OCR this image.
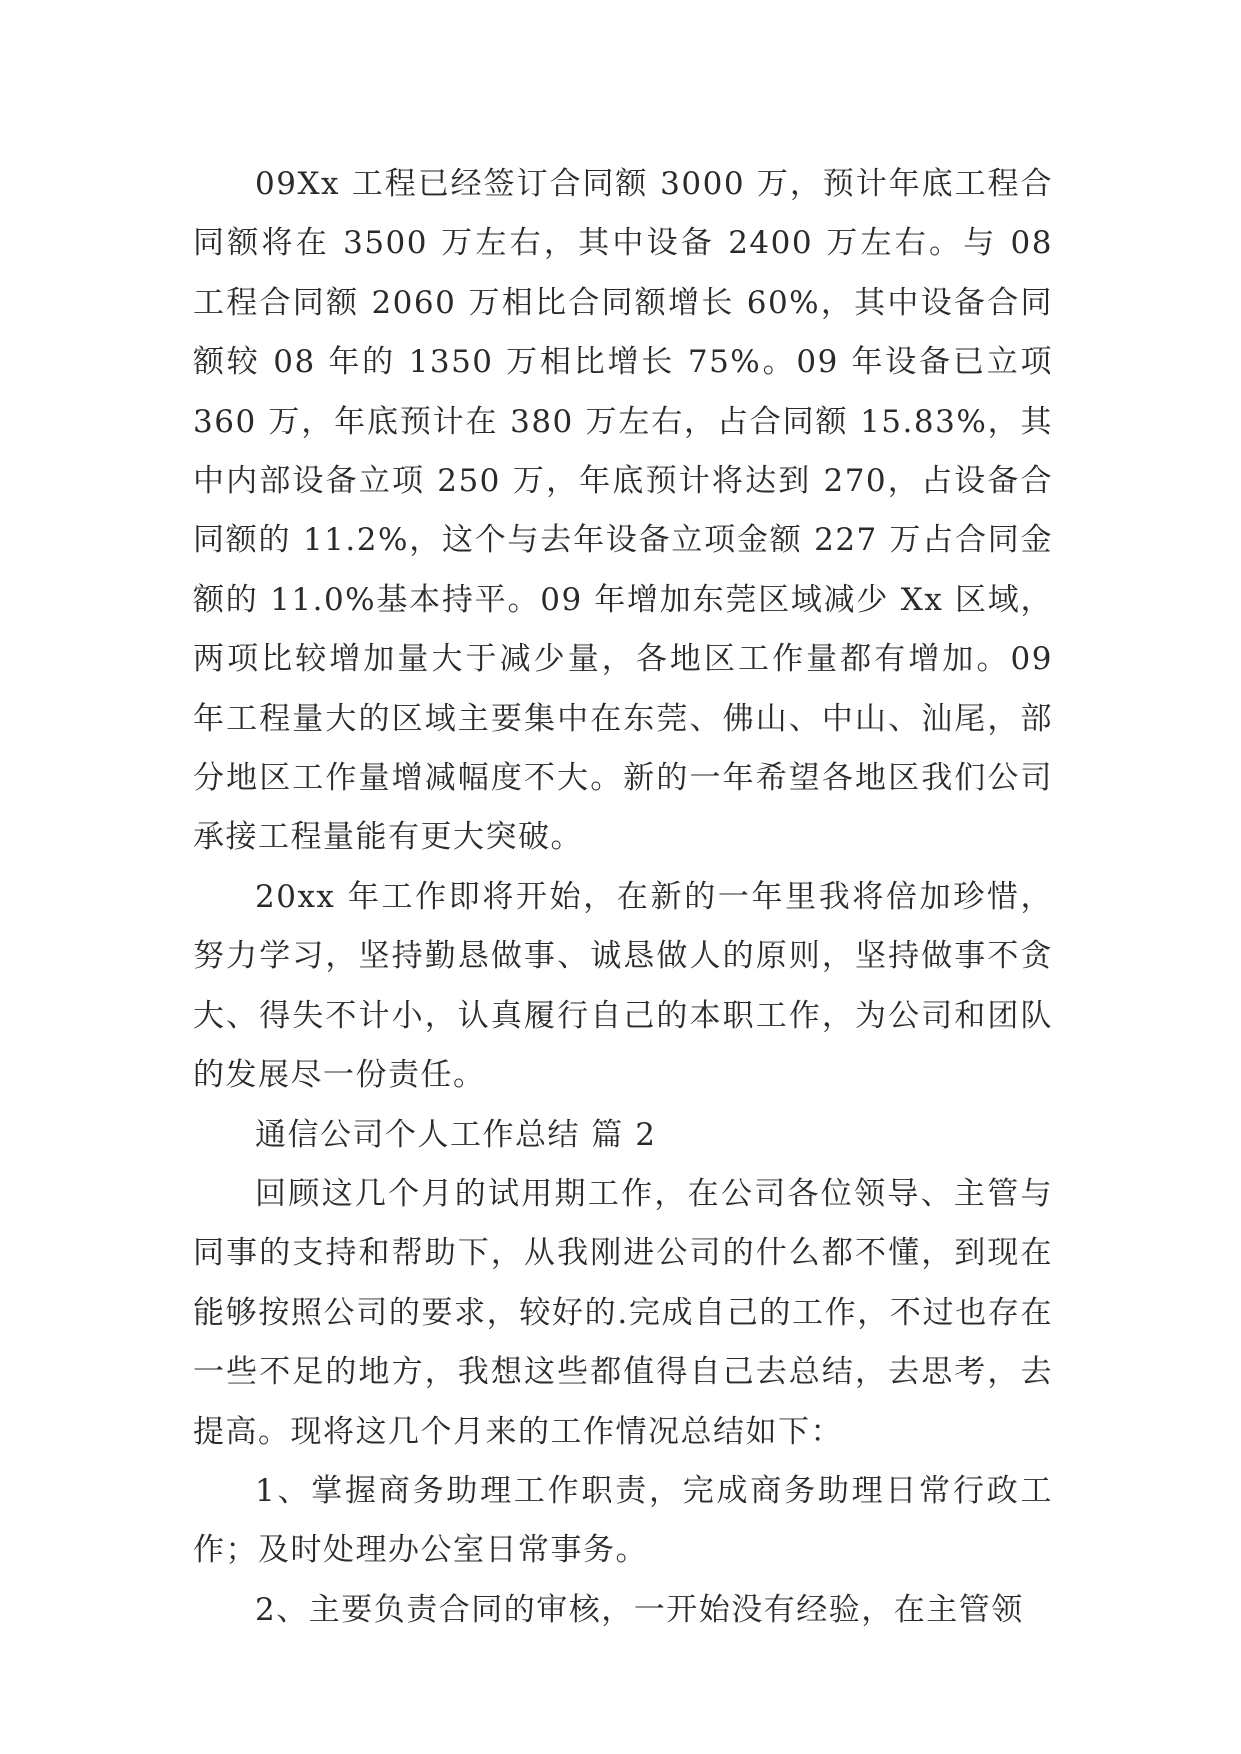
09Xx 工程已经签订合同额 3000 万，预计年底工程合同额将在 3500 万左右，其中设备 2400 万左右。与 08 工程合同额 2060 万相比合同额增长 60%，其中设备合同额较 08 年的 1350 万相比增长 75%。09 年设备已立项 360 万，年底预计在 380 万左右，占合同额 15.83%，其中内部设备立项 250 万，年底预计将达到 270，占设备合同额的 11.2%，这个与去年设备立项金额 227 万占合同金额的 11.0%基本持平。09 年增加东莞区域减少 Xx 区域，两项比较增加量大于减少量，各地区工作量都有增加。09 年工程量大的区域主要集中在东莞、佛山、中山、汕尾，部分地区工作量增减幅度不大。新的一年希望各地区我们公司承接工程量能有更大突破。

20xx 年工作即将开始，在新的一年里我将倍加珍惜，努力学习，坚持勤恳做事、诚恳做人的原则，坚持做事不贪大、得失不计小，认真履行自己的本职工作，为公司和团队的发展尽一份责任。

通信公司个人工作总结 篇 2

回顾这几个月的试用期工作，在公司各位领导、主管与同事的支持和帮助下，从我刚进公司的什么都不懂，到现在能够按照公司的要求，较好的.完成自己的工作，不过也存在一些不足的地方，我想这些都值得自己去总结，去思考，去提高。现将这几个月来的工作情况总结如下：

1、掌握商务助理工作职责，完成商务助理日常行政工作；及时处理办公室日常事务。

2、主要负责合同的审核，一开始没有经验，在主管领
